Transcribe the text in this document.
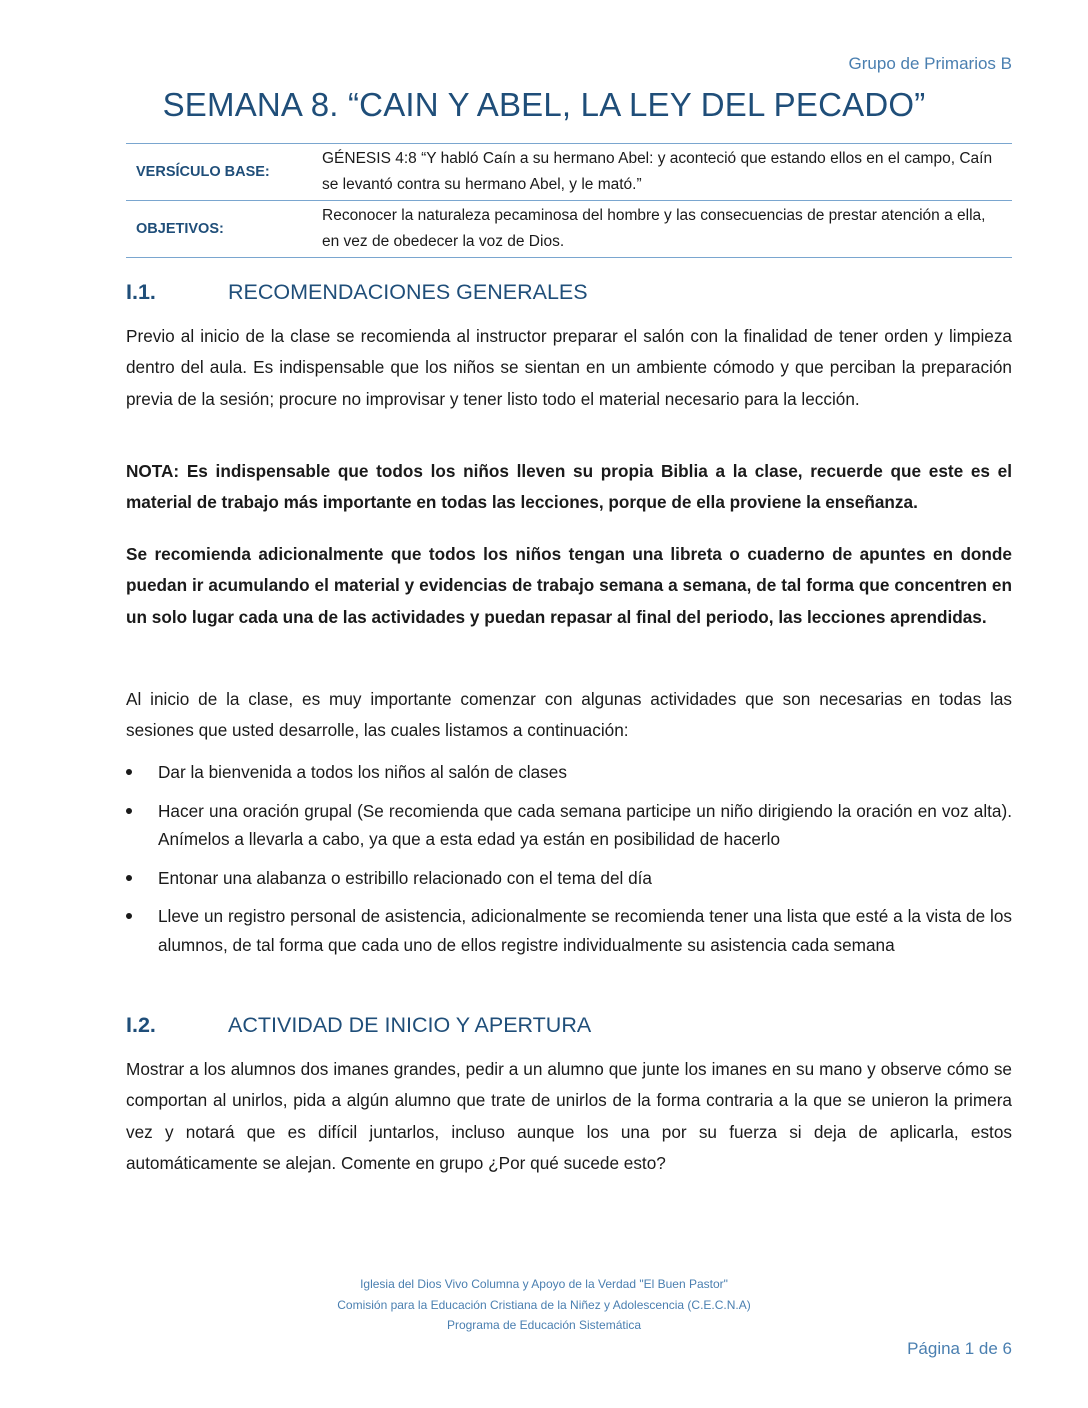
Grupo de Primarios B
SEMANA 8. “CAIN Y ABEL, LA LEY DEL PECADO”
VERSÍCULO BASE:	GÉNESIS 4:8 “Y habló Caín a su hermano Abel: y aconteció que estando ellos en el campo, Caín se levantó contra su hermano Abel, y le mató.”
OBJETIVOS:	Reconocer la naturaleza pecaminosa del hombre y las consecuencias de prestar atención a ella, en vez de obedecer la voz de Dios.
I.1.	RECOMENDACIONES GENERALES

Previo al inicio de la clase se recomienda al instructor preparar el salón con la finalidad de tener orden y limpieza dentro del aula. Es indispensable que los niños se sientan en un ambiente cómodo y que perciban la preparación previa de la sesión; procure no improvisar y tener listo todo el material necesario para la lección.

NOTA: Es indispensable que todos los niños lleven su propia Biblia a la clase, recuerde que este es el material de trabajo más importante en todas las lecciones, porque de ella proviene la enseñanza.

Se recomienda adicionalmente que todos los niños tengan una libreta o cuaderno de apuntes en donde puedan ir acumulando el material y evidencias de trabajo semana a semana, de tal forma que concentren en un solo lugar cada una de las actividades y puedan repasar al final del periodo, las lecciones aprendidas.

Al inicio de la clase, es muy importante comenzar con algunas actividades que son necesarias en todas las sesiones que usted desarrolle, las cuales listamos a continuación:

Dar la bienvenida a todos los niños al salón de clases
Hacer una oración grupal (Se recomienda que cada semana participe un niño dirigiendo la oración en voz alta). Anímelos a llevarla a cabo, ya que a esta edad ya están en posibilidad de hacerlo
Entonar una alabanza o estribillo relacionado con el tema del día
Lleve un registro personal de asistencia, adicionalmente se recomienda tener una lista que esté a la vista de los alumnos, de tal forma que cada uno de ellos registre individualmente su asistencia cada semana
I.2.	ACTIVIDAD DE INICIO Y APERTURA

Mostrar a los alumnos dos imanes grandes, pedir a un alumno que junte los imanes en su mano y observe cómo se comportan al unirlos, pida a algún alumno que trate de unirlos de la forma contraria a la que se unieron la primera vez y notará que es difícil juntarlos, incluso aunque los una por su fuerza si deja de aplicarla, estos automáticamente se alejan. Comente en grupo ¿Por qué sucede esto?

Iglesia del Dios Vivo Columna y Apoyo de la Verdad "El Buen Pastor"
Comisión para la Educación Cristiana de la Niñez y Adolescencia (C.E.C.N.A)
Programa de Educación Sistemática
Página 1 de 6
